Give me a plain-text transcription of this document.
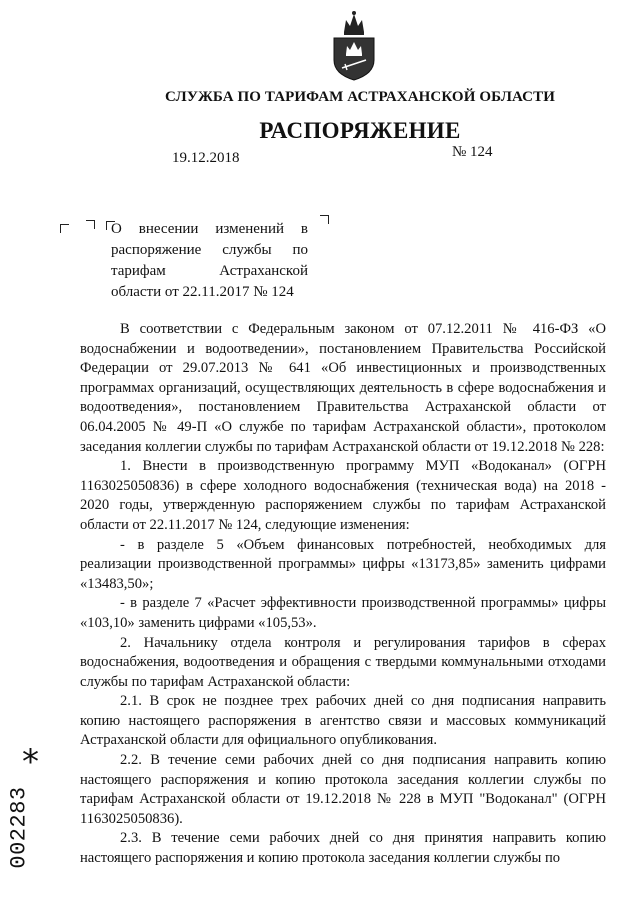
СЛУЖБА ПО ТАРИФАМ АСТРАХАНСКОЙ ОБЛАСТИ
РАСПОРЯЖЕНИЕ
19.12.2018	№ 124
О внесении изменений в распоряжение службы по тарифам Астраханской области от 22.11.2017 № 124

В соответствии с Федеральным законом от 07.12.2011 № 416-ФЗ «О водоснабжении и водоотведении», постановлением Правительства Российской Федерации от 29.07.2013 № 641 «Об инвестиционных и производственных программах организаций, осуществляющих деятельность в сфере водоснабжения и водоотведения», постановлением Правительства Астраханской области от 06.04.2005 № 49-П «О службе по тарифам Астраханской области», протоколом заседания коллегии службы по тарифам Астраханской области от 19.12.2018 № 228:

1. Внести в производственную программу МУП «Водоканал» (ОГРН 1163025050836) в сфере холодного водоснабжения (техническая вода) на 2018 - 2020 годы, утвержденную распоряжением службы по тарифам Астраханской области от 22.11.2017 № 124, следующие изменения:

- в разделе 5 «Объем финансовых потребностей, необходимых для реализации производственной программы» цифры «13173,85» заменить цифрами «13483,50»;

- в разделе 7 «Расчет эффективности производственной программы» цифры «103,10» заменить цифрами «105,53».

2. Начальнику отдела контроля и регулирования тарифов в сферах водоснабжения, водоотведения и обращения с твердыми коммунальными отходами службы по тарифам Астраханской области:

2.1. В срок не позднее трех рабочих дней со дня подписания направить копию настоящего распоряжения в агентство связи и массовых коммуникаций Астраханской области для официального опубликования.

2.2. В течение семи рабочих дней со дня подписания направить копию настоящего распоряжения и копию протокола заседания коллегии службы по тарифам Астраханской области от 19.12.2018 № 228 в МУП "Водоканал" (ОГРН 1163025050836).

2.3. В течение семи рабочих дней со дня принятия направить копию настоящего распоряжения и копию протокола заседания коллегии службы по

*
002283
